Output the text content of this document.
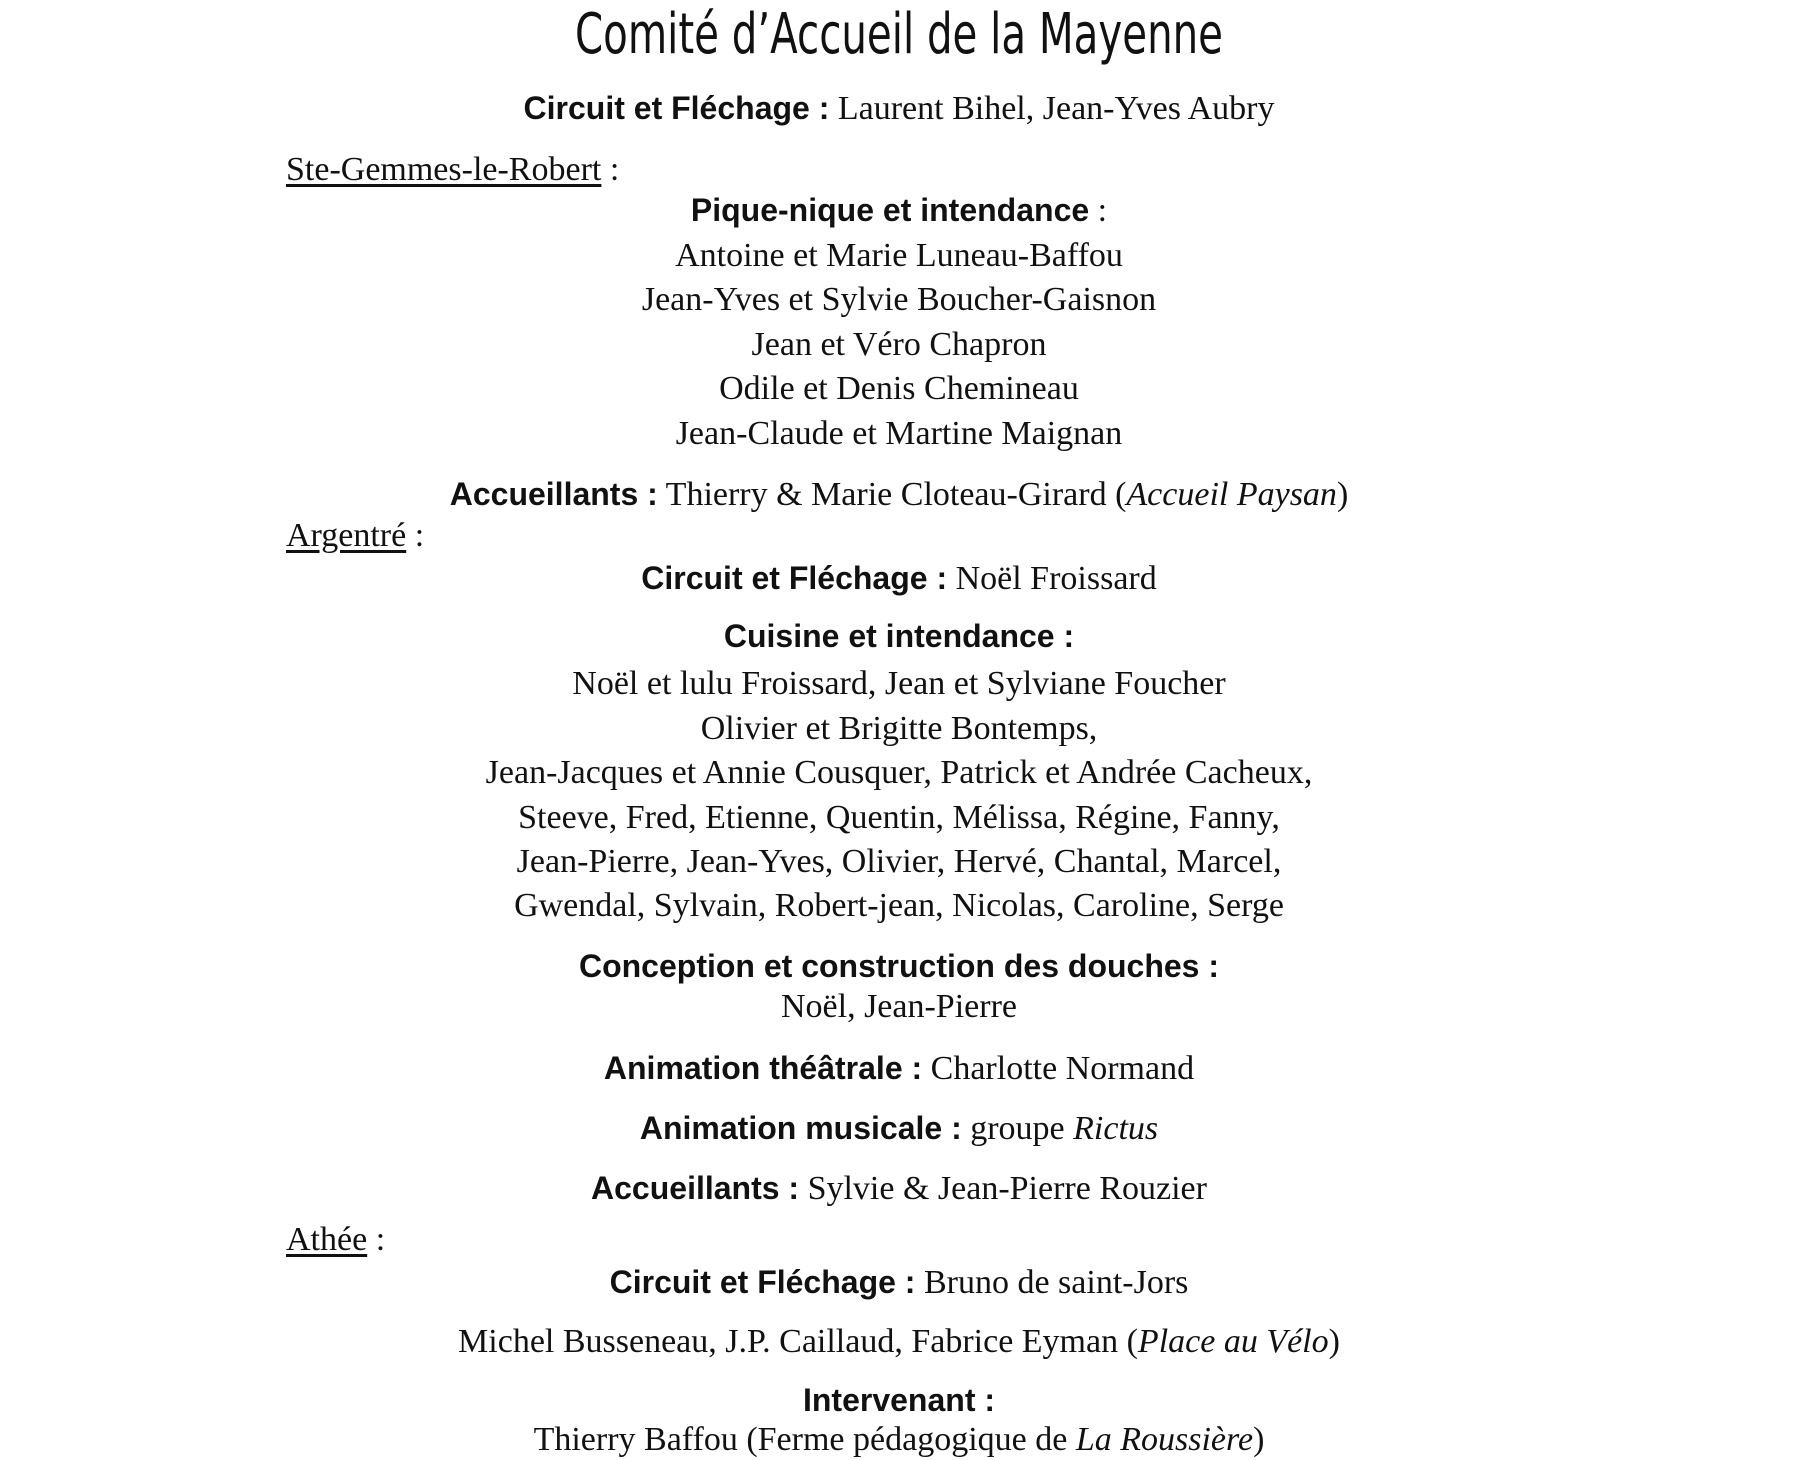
Comité d’Accueil de la Mayenne
Circuit et Fléchage : Laurent Bihel, Jean-Yves Aubry
Ste-Gemmes-le-Robert :
Pique-nique et intendance :
Antoine et Marie Luneau-Baffou
Jean-Yves et Sylvie Boucher-Gaisnon
Jean et Véro Chapron
Odile et Denis Chemineau
Jean-Claude et Martine Maignan
Accueillants : Thierry & Marie Cloteau-Girard (Accueil Paysan)
Argentré :
Circuit et Fléchage : Noël Froissard
Cuisine et intendance :
Noël et lulu Froissard, Jean et Sylviane Foucher
Olivier et Brigitte Bontemps,
Jean-Jacques et Annie Cousquer, Patrick et Andrée Cacheux,
Steeve, Fred, Etienne, Quentin, Mélissa, Régine, Fanny,
Jean-Pierre, Jean-Yves, Olivier, Hervé, Chantal, Marcel,
Gwendal, Sylvain, Robert-jean, Nicolas, Caroline, Serge
Conception et construction des douches :
Noël, Jean-Pierre
Animation théâtrale : Charlotte Normand
Animation musicale : groupe Rictus
Accueillants : Sylvie & Jean-Pierre Rouzier
Athée :
Circuit et Fléchage : Bruno de saint-Jors
Michel Busseneau, J.P. Caillaud, Fabrice Eyman (Place au Vélo)
Intervenant :
Thierry Baffou (Ferme pédagogique de La Roussière)
